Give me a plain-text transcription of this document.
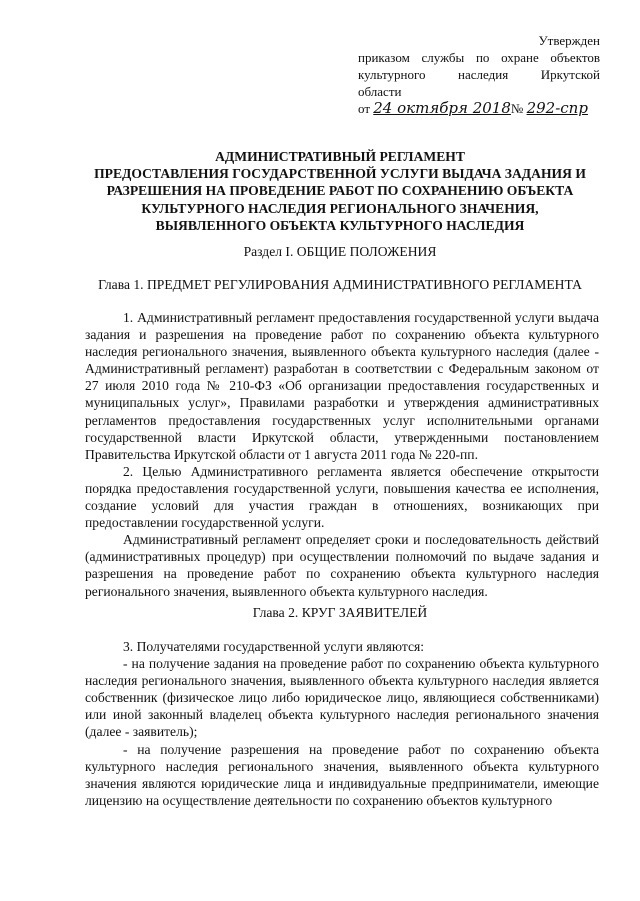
Утвержден
приказом службы по охране объектов
культурного наследия Иркутской
области
от
24 октября 2018 №
292-спр
АДМИНИСТРАТИВНЫЙ РЕГЛАМЕНТ
ПРЕДОСТАВЛЕНИЯ ГОСУДАРСТВЕННОЙ УСЛУГИ ВЫДАЧА ЗАДАНИЯ И
РАЗРЕШЕНИЯ НА ПРОВЕДЕНИЕ РАБОТ ПО СОХРАНЕНИЮ ОБЪЕКТА
КУЛЬТУРНОГО НАСЛЕДИЯ РЕГИОНАЛЬНОГО ЗНАЧЕНИЯ,
ВЫЯВЛЕННОГО ОБЪЕКТА КУЛЬТУРНОГО НАСЛЕДИЯ
Раздел I. ОБЩИЕ ПОЛОЖЕНИЯ
Глава 1. ПРЕДМЕТ РЕГУЛИРОВАНИЯ АДМИНИСТРАТИВНОГО РЕГЛАМЕНТА

1. Административный регламент предоставления государственной услуги выдача задания и разрешения на проведение работ по сохранению объекта культурного наследия регионального значения, выявленного объекта культурного наследия (далее - Административный регламент) разработан в соответствии с Федеральным законом от 27 июля 2010 года № 210-ФЗ «Об организации предоставления государственных и муниципальных услуг», Правилами разработки и утверждения административных регламентов предоставления государственных услуг исполнительными органами государственной власти Иркутской области, утвержденными постановлением Правительства Иркутской области от 1 августа 2011 года № 220-пп.

2. Целью Административного регламента является обеспечение открытости порядка предоставления государственной услуги, повышения качества ее исполнения, создание условий для участия граждан в отношениях, возникающих при предоставлении государственной услуги.

Административный регламент определяет сроки и последовательность действий (административных процедур) при осуществлении полномочий по выдаче задания и разрешения на проведение работ по сохранению объекта культурного наследия регионального значения, выявленного объекта культурного наследия.

Глава 2. КРУГ ЗАЯВИТЕЛЕЙ

3. Получателями государственной услуги являются:

- на получение задания на проведение работ по сохранению объекта культурного наследия регионального значения, выявленного объекта культурного наследия является собственник (физическое лицо либо юридическое лицо, являющиеся собственниками) или иной законный владелец объекта культурного наследия регионального значения (далее - заявитель);

- на получение разрешения на проведение работ по сохранению объекта культурного наследия регионального значения, выявленного объекта культурного значения являются юридические лица и индивидуальные предприниматели, имеющие лицензию на осуществление деятельности по сохранению объектов культурного
